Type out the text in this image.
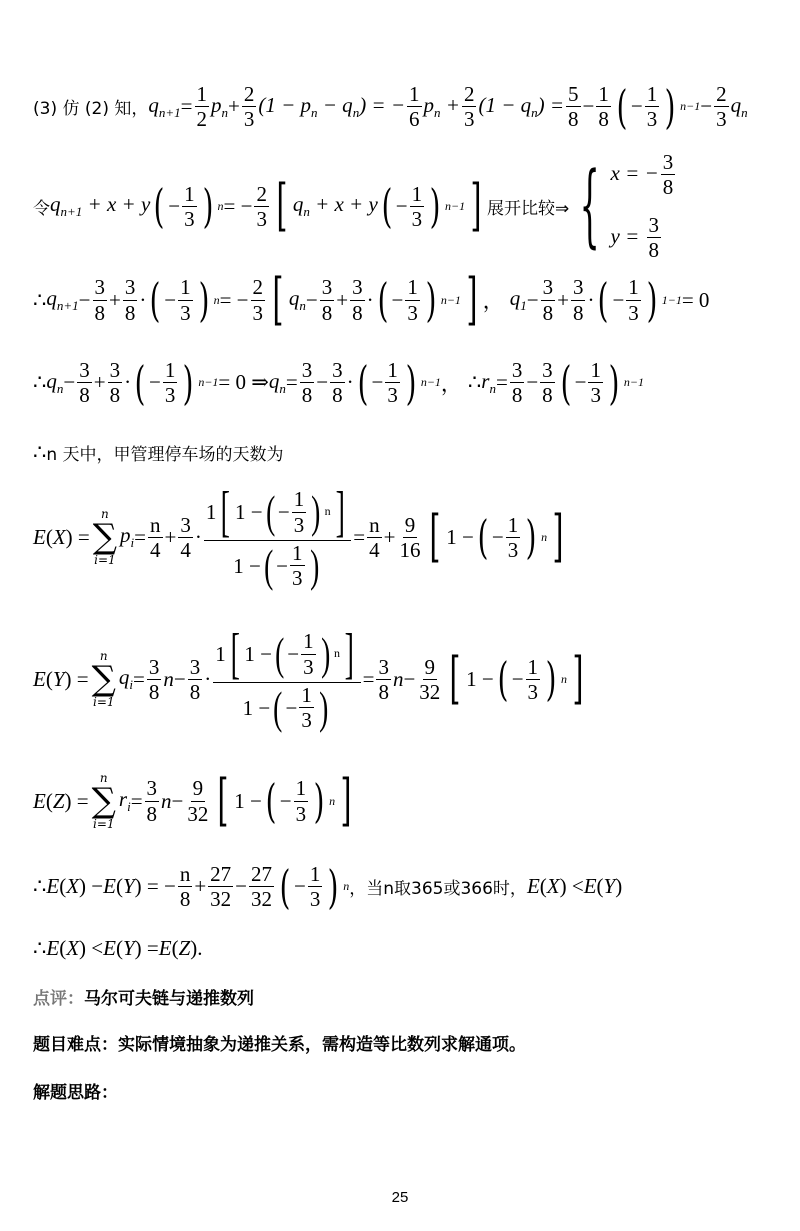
(3) 仿 (2) 知， $q_{n+1} = \frac{1}{2} p_n + \frac{2}{3} (1 - p_n - q_n)$ = − $\frac{1}{6} p_n + \frac{2}{3} (1 - q_n) = \frac{5}{8} - \frac{1}{8}$ ( − $\frac{1}{3}$ ) $n-1 - \frac{2}{3} q_n$
令 $q_{n+1} + x + y$ ( − $\frac{1}{3}$ ) n = − $\frac{2}{3}$ [ $q_n + x + y$ ( − $\frac{1}{3}$ ) n−1 ] 展开比较⇒ { x = − $\frac{3}{8}$
$y = \frac{3}{8}$
∴ $q_{n+1} - \frac{3}{8} + \frac{3}{8}$ · ( − $\frac{1}{3}$ ) n = − $\frac{2}{3}$ [ $q_n - \frac{3}{8} + \frac{3}{8}$ · ( − $\frac{1}{3}$ ) n−1 ] ， $q_1 - \frac{3}{8} + \frac{3}{8}$ · ( − $\frac{1}{3}$ ) 1−1 = 0
∴ $q_n - \frac{3}{8} + \frac{3}{8}$ · ( − $\frac{1}{3}$ ) n−1 = 0 ⇒ $q_n = \frac{3}{8} - \frac{3}{8}$ · ( − $\frac{1}{3}$ ) n−1 ， ∴ $r_n = \frac{3}{8} - \frac{3}{8}$ ( − $\frac{1}{3}$ ) n−1
∴ n 天中，甲管理停车场的天数为
E ( X ) =
n
∑
i=1
$p_i = \frac{n}{4} + \frac{3}{4} \cdot \frac{1 [ 1 - ( - \frac{1}{3} ) n ]}{1 - ( - \frac{1}{3} )} = \frac{n}{4} + \frac{9}{16}$ [ 1 − ( − $\frac{1}{3}$ ) n ]
E ( Y ) =
n
∑
i=1
$q_i = \frac{3}{8}$ $n - \frac{3}{8} \cdot \frac{1 [ 1 - ( - \frac{1}{3} ) n ]}{1 - ( - \frac{1}{3} )} = \frac{3}{8}$ $n - \frac{9}{32}$ [ 1 − ( − $\frac{1}{3}$ ) n ]
E ( Z ) =
n
∑
i=1
$r_i = \frac{3}{8}$ $n - \frac{9}{32}$ [ 1 − ( − $\frac{1}{3}$ ) n ]
∴ E ( X ) − E ( Y ) = − $\frac{n}{8} + \frac{27}{32} - \frac{27}{32}$ ( − $\frac{1}{3}$ ) n ，当n取365或366时， E ( X ) < E ( Y )
∴ E ( X ) < E ( Y ) = E ( Z ).
点评： 马尔可夫链与递推数列
题目难点： 实际情境抽象为递推关系，需构造等比数列求解通项。
解题思路：
25
